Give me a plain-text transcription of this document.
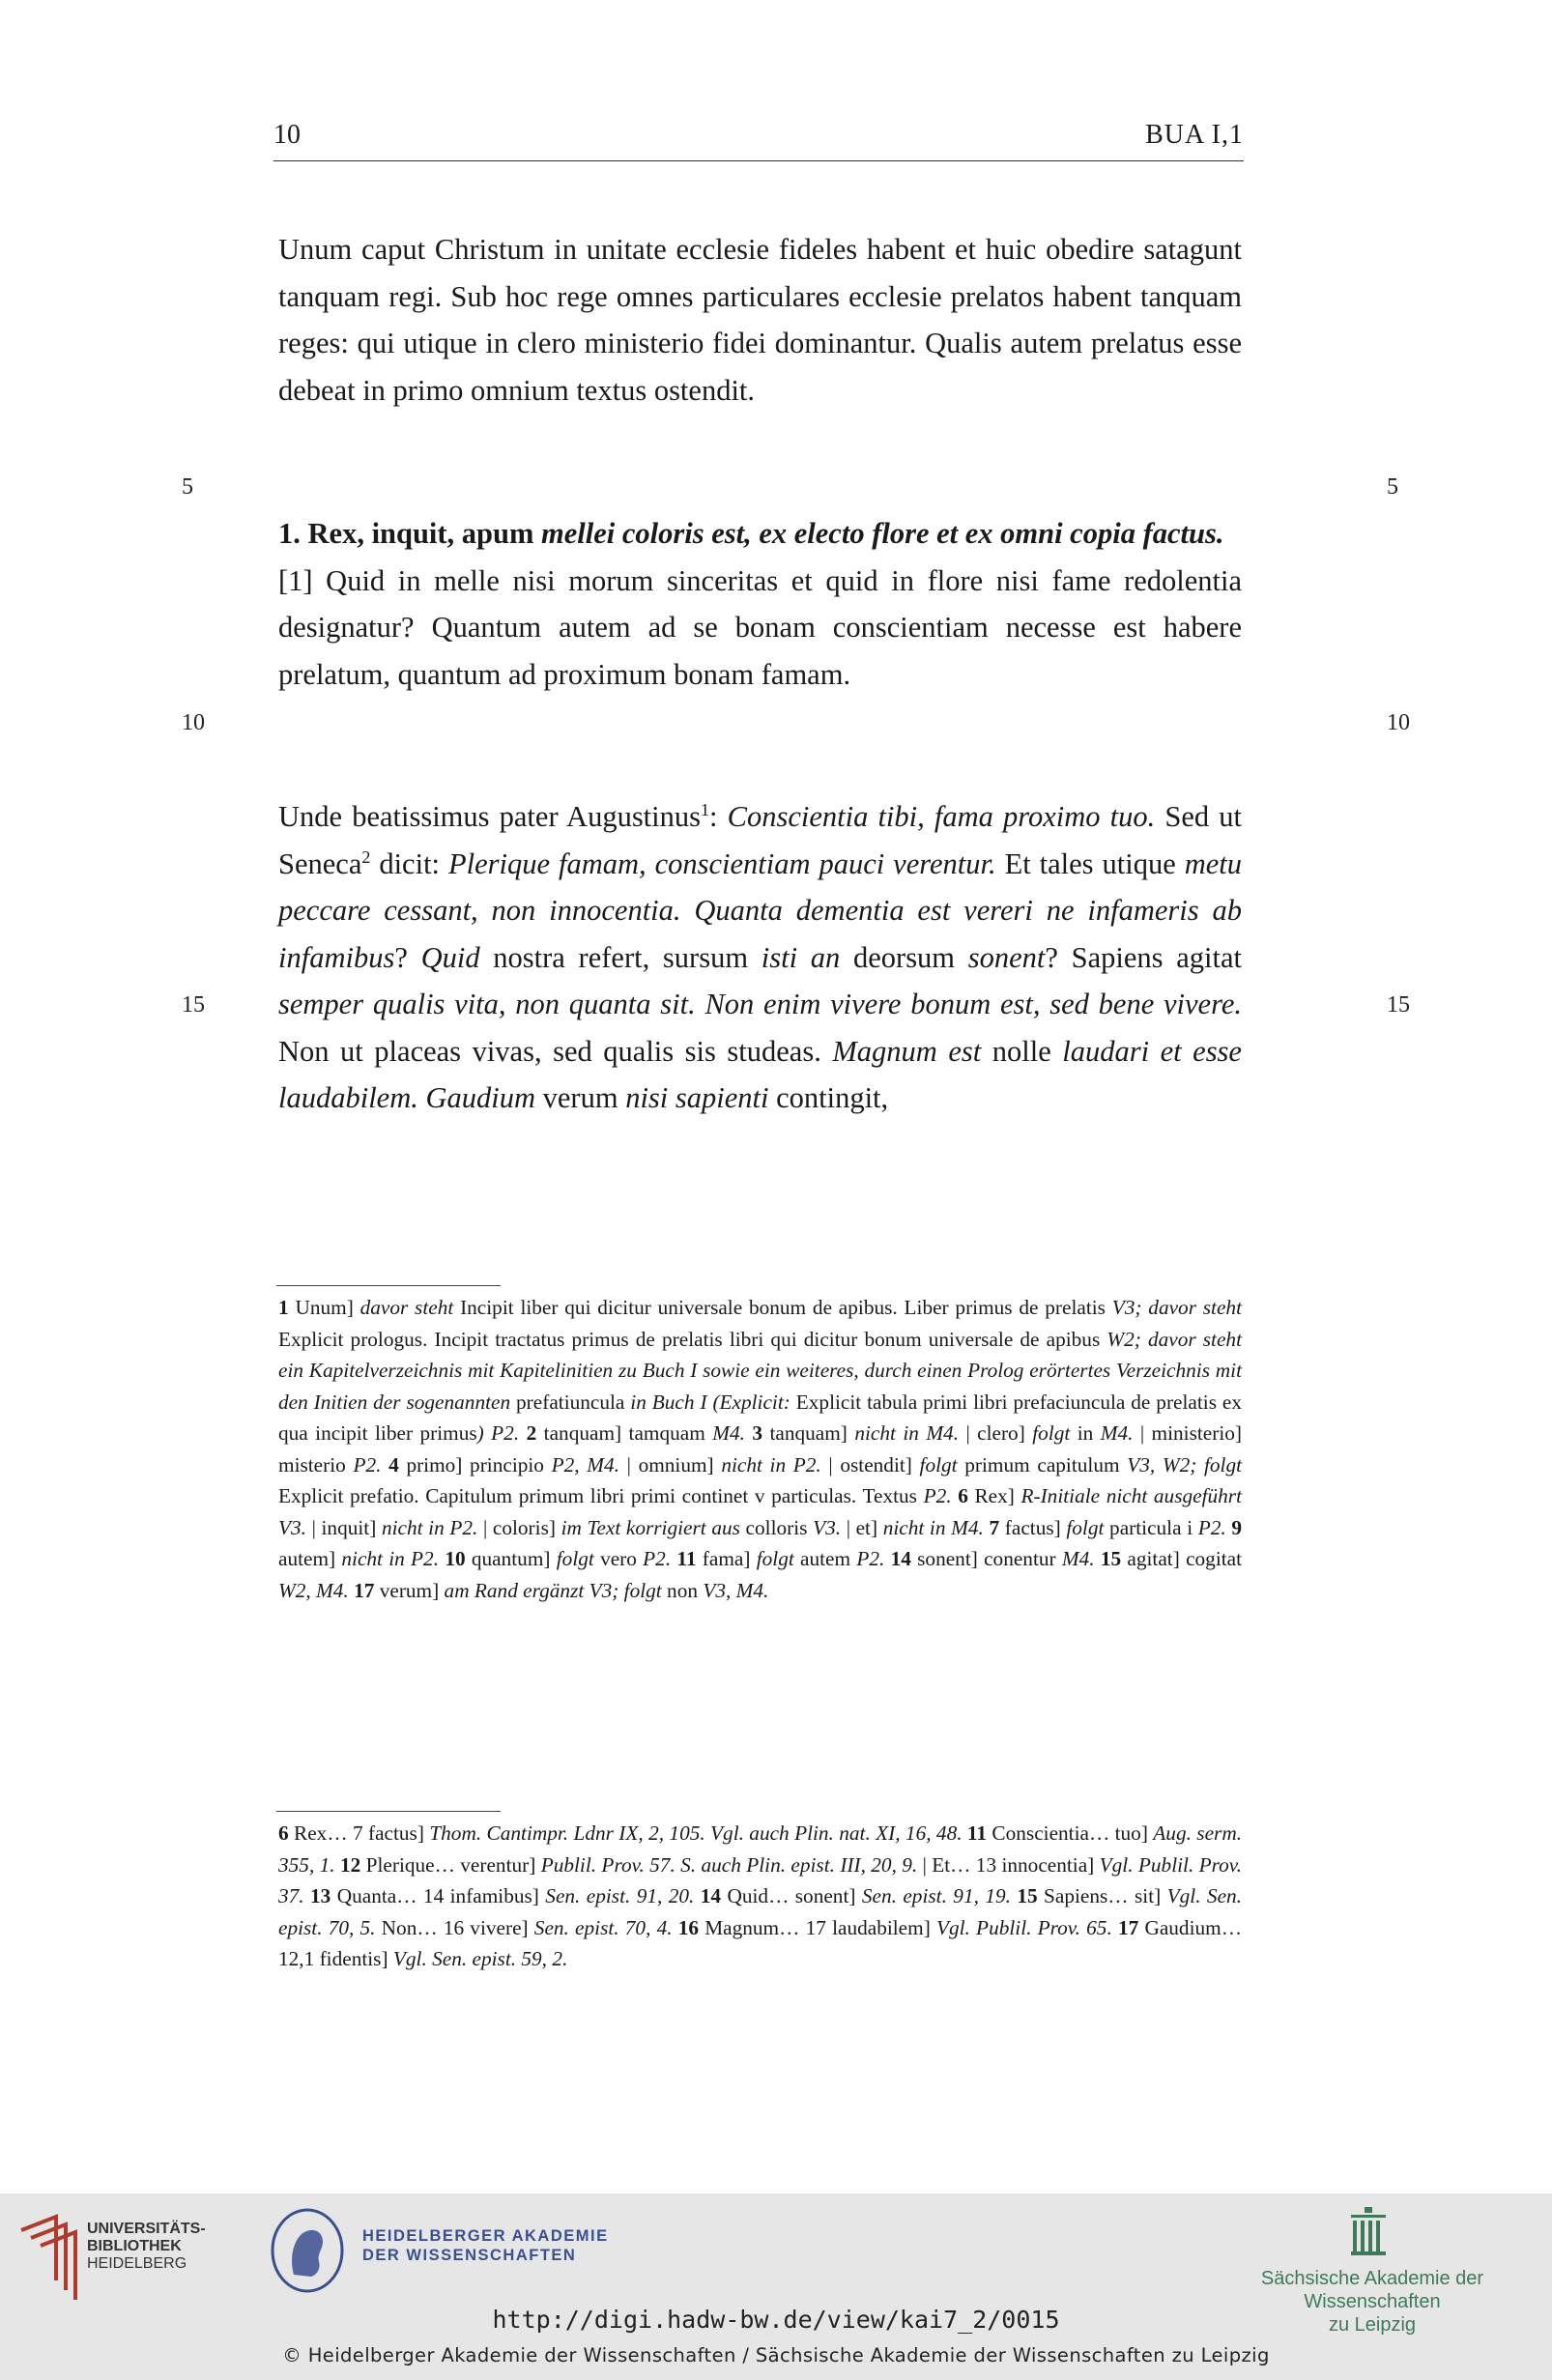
10	BUA I,1
Unum caput Christum in unitate ecclesie fideles habent et huic obedire satagunt tanquam regi. Sub hoc rege omnes particulares ecclesie prelatos habent tanquam reges: qui utique in clero ministerio fidei dominantur. Qualis autem prelatus esse debeat in primo omnium textus ostendit.
5	5
1. Rex, inquit, apum mellei coloris est, ex electo flore et ex omni copia factus.
[1] Quid in melle nisi morum sinceritas et quid in flore nisi fame redolentia designatur? Quantum autem ad se bonam conscientiam necesse est habere prelatum, quantum ad proximum bonam famam.
10	10
Unde beatissimus pater Augustinus$^1$: Conscientia tibi, fama proximo tuo. Sed ut Seneca$^2$ dicit: Plerique famam, conscientiam pauci verentur. Et tales utique metu peccare cessant, non innocentia. Quanta dementia est vereri ne infameris ab infamibus? Quid nostra refert, sursum isti an deorsum sonent? Sapiens agitat semper qualis vita, non quanta sit. Non enim vivere bonum est, sed bene vivere. Non ut placeas vivas, sed qualis sis studeas. Magnum est nolle laudari et esse laudabilem. Gaudium verum nisi sapienti contingit,
15	15
1 Unum] davor steht Incipit liber qui dicitur universale bonum de apibus. Liber primus de prelatis V3; davor steht Explicit prologus. Incipit tractatus primus de prelatis libri qui dicitur bonum universale de apibus W2; davor steht ein Kapitelverzeichnis mit Kapitelinitien zu Buch I sowie ein weiteres, durch einen Prolog erörtertes Verzeichnis mit den Initien der sogenannten prefatiuncula in Buch I (Explicit: Explicit tabula primi libri prefaciuncula de prelatis ex qua incipit liber primus) P2. 2 tanquam] tamquam M4. 3 tanquam] nicht in M4. | clero] folgt in M4. | ministerio] misterio P2. 4 primo] principio P2, M4. | omnium] nicht in P2. | ostendit] folgt primum capitulum V3, W2; folgt Explicit prefatio. Capitulum primum libri primi continet v particulas. Textus P2. 6 Rex] R-Initiale nicht ausgeführt V3. | inquit] nicht in P2. | coloris] im Text korrigiert aus colloris V3. | et] nicht in M4. 7 factus] folgt particula i P2. 9 autem] nicht in P2. 10 quantum] folgt vero P2. 11 fama] folgt autem P2. 14 sonent] conentur M4. 15 agitat] cogitat W2, M4. 17 verum] am Rand ergänzt V3; folgt non V3, M4.
6 Rex… 7 factus] Thom. Cantimpr. Ldnr IX, 2, 105. Vgl. auch Plin. nat. XI, 16, 48. 11 Conscientia… tuo] Aug. serm. 355, 1. 12 Plerique… verentur] Publil. Prov. 57. S. auch Plin. epist. III, 20, 9. | Et… 13 innocentia] Vgl. Publil. Prov. 37. 13 Quanta… 14 infamibus] Sen. epist. 91, 20. 14 Quid… sonent] Sen. epist. 91, 19. 15 Sapiens… sit] Vgl. Sen. epist. 70, 5. Non… 16 vivere] Sen. epist. 70, 4. 16 Magnum… 17 laudabilem] Vgl. Publil. Prov. 65. 17 Gaudium… 12,1 fidentis] Vgl. Sen. epist. 59, 2.
UNIVERSITÄTS-
BIBLIOTHEK
HEIDELBERG
HEIDELBERGER AKADEMIE
DER WISSENSCHAFTEN
Sächsische Akademie der Wissenschaften
zu Leipzig
http://digi.hadw-bw.de/view/kai7_2/0015
© Heidelberger Akademie der Wissenschaften / Sächsische Akademie der Wissenschaften zu Leipzig
